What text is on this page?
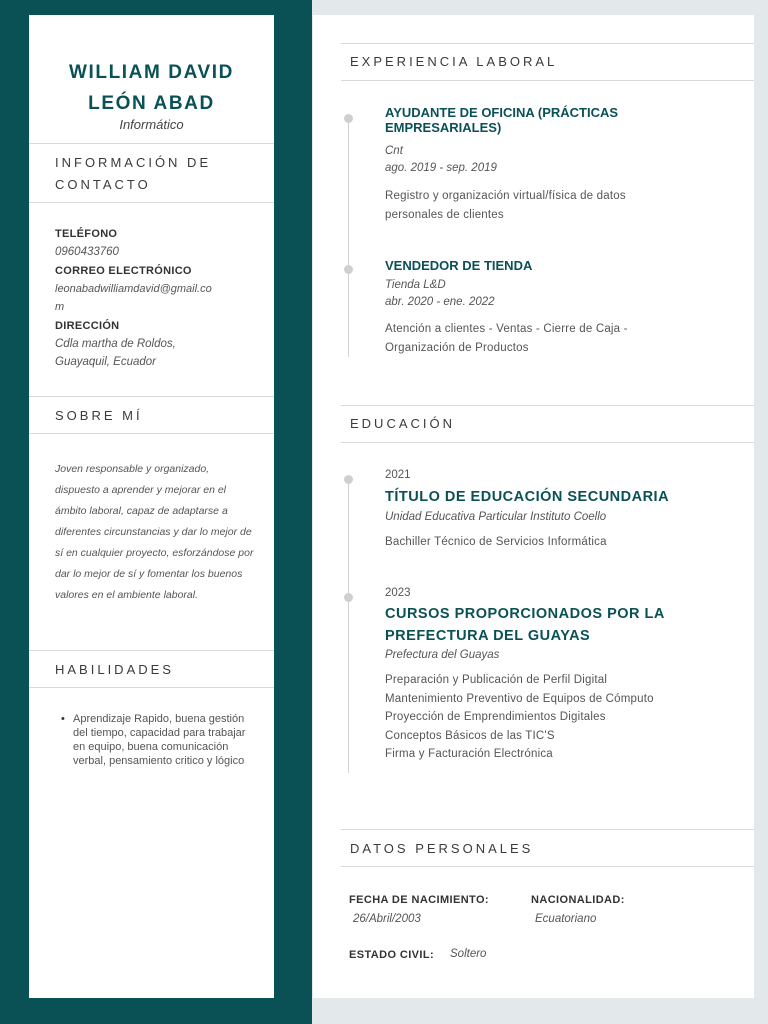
WILLIAM DAVID
LEÓN ABAD
Informático
INFORMACIÓN DE
CONTACTO
TELÉFONO
0960433760
CORREO ELECTRÓNICO
leonabadwilliamdavid@gmail.co
m
DIRECCIÓN
Cdla martha de Roldos,
Guayaquil, Ecuador
SOBRE MÍ
Joven responsable y organizado, dispuesto a aprender y mejorar en el ámbito laboral, capaz de adaptarse a diferentes circunstancias y dar lo mejor de sí en cualquier proyecto, esforzándose por dar lo mejor de sí y fomentar los buenos valores en el ambiente laboral.
HABILIDADES
• Aprendizaje Rapido, buena gestión del tiempo, capacidad para trabajar en equipo, buena comunicación verbal, pensamiento critico y lógico
EXPERIENCIA LABORAL
AYUDANTE DE OFICINA (PRÁCTICAS
EMPRESARIALES)
Cnt
ago. 2019 - sep. 2019
Registro y organización virtual/física de datos
personales de clientes
VENDEDOR DE TIENDA
Tienda L&D
abr. 2020 - ene. 2022
Atención a clientes - Ventas - Cierre de Caja -
Organización de Productos
EDUCACIÓN
2021
TÍTULO DE EDUCACIÓN SECUNDARIA
Unidad Educativa Particular Instituto Coello
Bachiller Técnico de Servicios Informática
2023
CURSOS PROPORCIONADOS POR LA
PREFECTURA DEL GUAYAS
Prefectura del Guayas
Preparación y Publicación de Perfil Digital
Mantenimiento Preventivo de Equipos de Cómputo
Proyección de Emprendimientos Digitales
Conceptos Básicos de las TIC'S
Firma y Facturación Electrónica
DATOS PERSONALES
FECHA DE NACIMIENTO:
26/Abril/2003
NACIONALIDAD:
Ecuatoriano
ESTADO CIVIL: Soltero
